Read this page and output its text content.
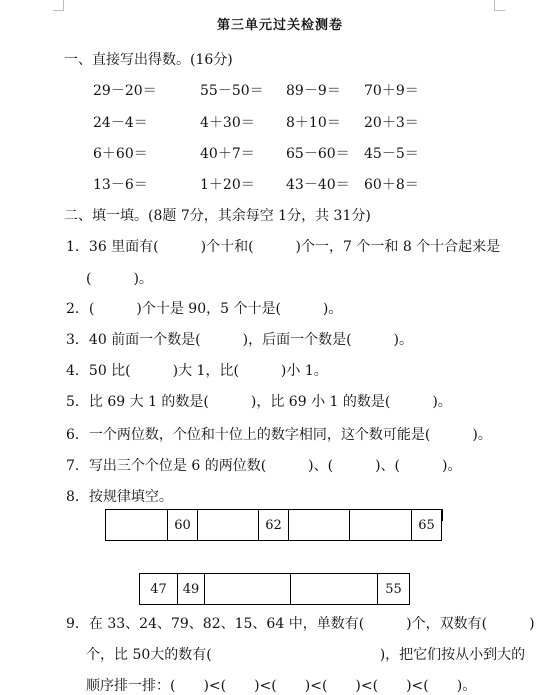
第三单元过关检测卷
一、直接写出得数。(16分)
29－20＝	55－50＝ 89－9＝ 70＋9＝
24－4＝	4＋30＝ 8＋10＝ 20＋3＝
6＋60＝	40＋7＝ 65－60＝ 45－5＝
13－6＝	1＋20＝ 43－40＝ 60＋8＝
二、填一填。(8题 7分，其余每空 1分，共 31分)
1．36 里面有(　　　)个十和(　　　)个一，7 个一和 8 个十合起来是
(　　　)。
2．(　　　)个十是 90，5 个十是(　　　)。
3．40 前面一个数是(　　　)，后面一个数是(　　　)。
4．50 比(　　　)大 1，比(　　　)小 1。
5．比 69 大 1 的数是(　　　)，比 69 小 1 的数是(　　　)。
6．一个两位数，个位和十位上的数字相同，这个数可能是(　　　)。
7．写出三个个位是 6 的两位数(　　　)、(　　　)、(　　　)。
8．按规律填空。
60	62	65
47	49	55
9．在 33、24、79、82、15、64 中，单数有(　　　)个，双数有(　　　)
个，比 50大的数有(　　　　　　　　　　　　)，把它们按从小到大的
顺序排一排：(　　)<(　　)<(　　)<(　　)<(　　)<(　　)。
